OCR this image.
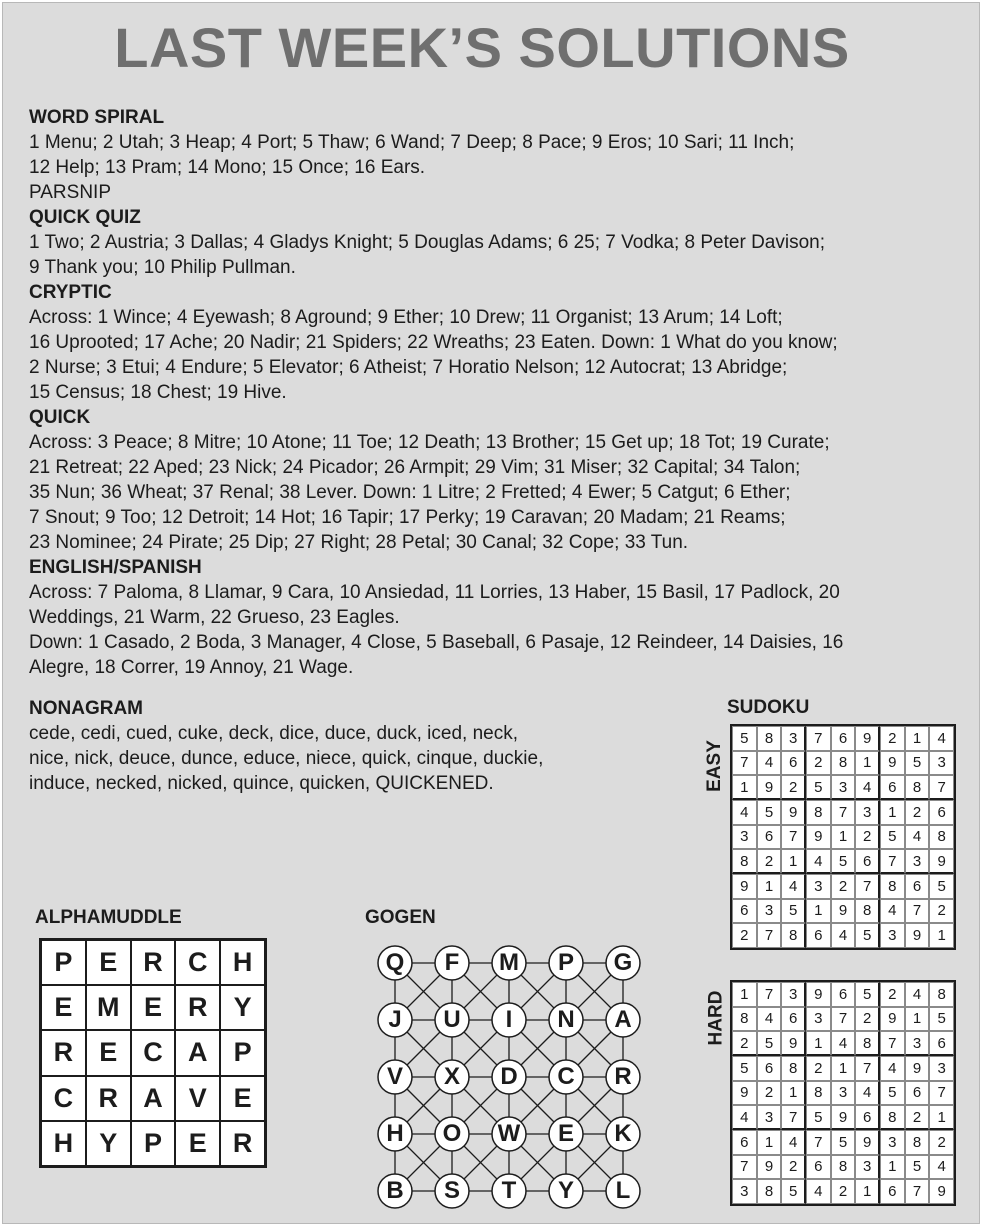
LAST WEEK’S SOLUTIONS
WORD SPIRAL

1 Menu; 2 Utah; 3 Heap; 4 Port; 5 Thaw; 6 Wand; 7 Deep; 8 Pace; 9 Eros; 10 Sari; 11 Inch;

12 Help; 13 Pram; 14 Mono; 15 Once; 16 Ears.

PARSNIP

QUICK QUIZ

1 Two; 2 Austria; 3 Dallas; 4 Gladys Knight; 5 Douglas Adams; 6 25; 7 Vodka; 8 Peter Davison;

9 Thank you; 10 Philip Pullman.

CRYPTIC

Across: 1 Wince; 4 Eyewash; 8 Aground; 9 Ether; 10 Drew; 11 Organist; 13 Arum; 14 Loft;

16 Uprooted; 17 Ache; 20 Nadir; 21 Spiders; 22 Wreaths; 23 Eaten. Down: 1 What do you know;

2 Nurse; 3 Etui; 4 Endure; 5 Elevator; 6 Atheist; 7 Horatio Nelson; 12 Autocrat; 13 Abridge;

15 Census; 18 Chest; 19 Hive.

QUICK

Across: 3 Peace; 8 Mitre; 10 Atone; 11 Toe; 12 Death; 13 Brother; 15 Get up; 18 Tot; 19 Curate;

21 Retreat; 22 Aped; 23 Nick; 24 Picador; 26 Armpit; 29 Vim; 31 Miser; 32 Capital; 34 Talon;

35 Nun; 36 Wheat; 37 Renal; 38 Lever. Down: 1 Litre; 2 Fretted; 4 Ewer; 5 Catgut; 6 Ether;

7 Snout; 9 Too; 12 Detroit; 14 Hot; 16 Tapir; 17 Perky; 19 Caravan; 20 Madam; 21 Reams;

23 Nominee; 24 Pirate; 25 Dip; 27 Right; 28 Petal; 30 Canal; 32 Cope; 33 Tun.

ENGLISH/SPANISH

Across: 7 Paloma, 8 Llamar, 9 Cara, 10 Ansiedad, 11 Lorries, 13 Haber, 15 Basil, 17 Padlock, 20

Weddings, 21 Warm, 22 Grueso, 23 Eagles.

Down: 1 Casado, 2 Boda, 3 Manager, 4 Close, 5 Baseball, 6 Pasaje, 12 Reindeer, 14 Daisies, 16

Alegre, 18 Correr, 19 Annoy, 21 Wage.

NONAGRAM

cede, cedi, cued, cuke, deck, dice, duce, duck, iced, neck,

nice, nick, deuce, dunce, educe, niece, quick, cinque, duckie,

induce, necked, nicked, quince, quicken, QUICKENED.

ALPHAMUDDLE
P E R C H
E M E R Y
R E C A P
C R A V E
H Y P E R
GOGEN
Q	F	M	P	G
J	U	I	N	A
V	X	D	C	R
H	O	W	E	K
B	S	T	Y	L
SUDOKU
EASY
5	8	3	7	6	9	2	1	4
7	4	6	2	8	1	9	5	3
1	9	2	5	3	4	6	8	7
4	5	9	8	7	3	1	2	6
3	6	7	9	1	2	5	4	8
8	2	1	4	5	6	7	3	9
9	1	4	3	2	7	8	6	5
6	3	5	1	9	8	4	7	2
2	7	8	6	4	5	3	9	1
HARD 1	7	3	9	6	5	2	4	8
8	4	6	3	7	2	9	1	5
2	5	9	1	4	8	7	3	6
5	6	8	2	1	7	4	9	3
9	2	1	8	3	4	5	6	7
4	3	7	5	9	6	8	2	1
6	1	4	7	5	9	3	8	2
7	9	2	6	8	3	1	5	4
3	8	5	4	2	1	6	7	9
